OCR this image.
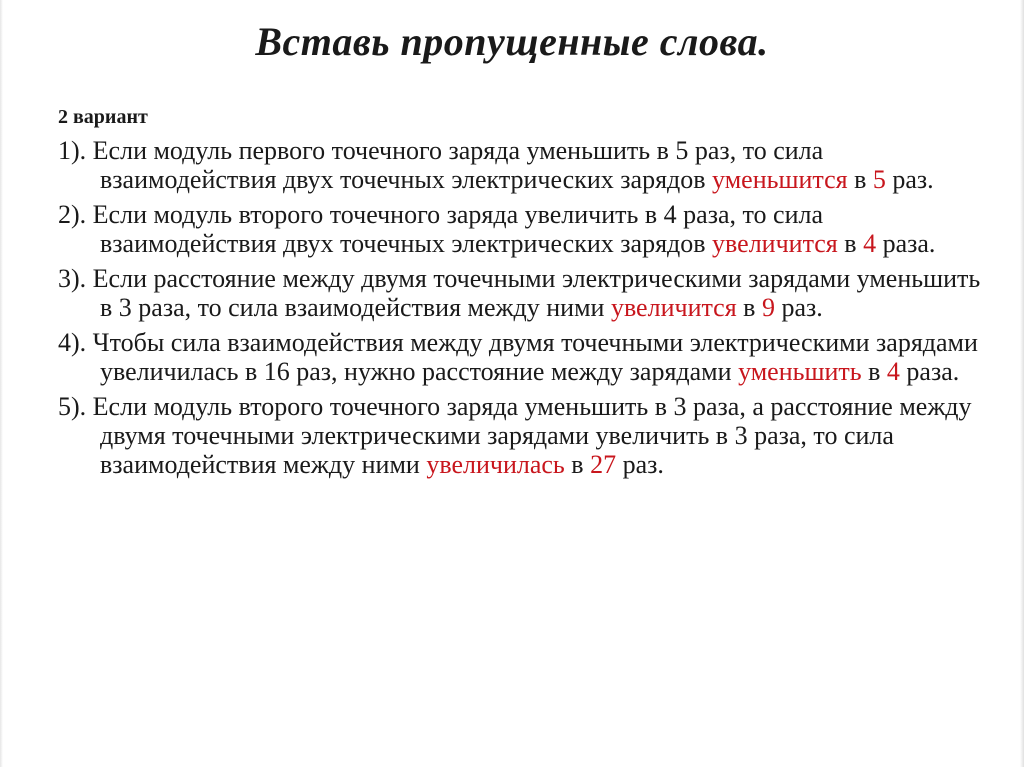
Вставь пропущенные слова.
2 вариант

1). Если модуль первого точечного заряда уменьшить в 5 раз, то сила взаимодействия двух точечных электрических зарядов уменьшится в 5 раз.

2). Если модуль второго точечного заряда увеличить в 4 раза, то сила взаимодействия двух точечных электрических зарядов увеличится в 4 раза.

3). Если расстояние между двумя точечными электрическими зарядами уменьшить в 3 раза, то сила взаимодействия между ними увеличится в 9 раз.

4). Чтобы сила взаимодействия между двумя точечными электрическими зарядами увеличилась в 16 раз, нужно расстояние между зарядами уменьшить в 4 раза.

5). Если модуль второго точечного заряда уменьшить в 3 раза, а расстояние между двумя точечными электрическими зарядами увеличить в 3 раза, то сила взаимодействия между ними увеличилась в 27 раз.
